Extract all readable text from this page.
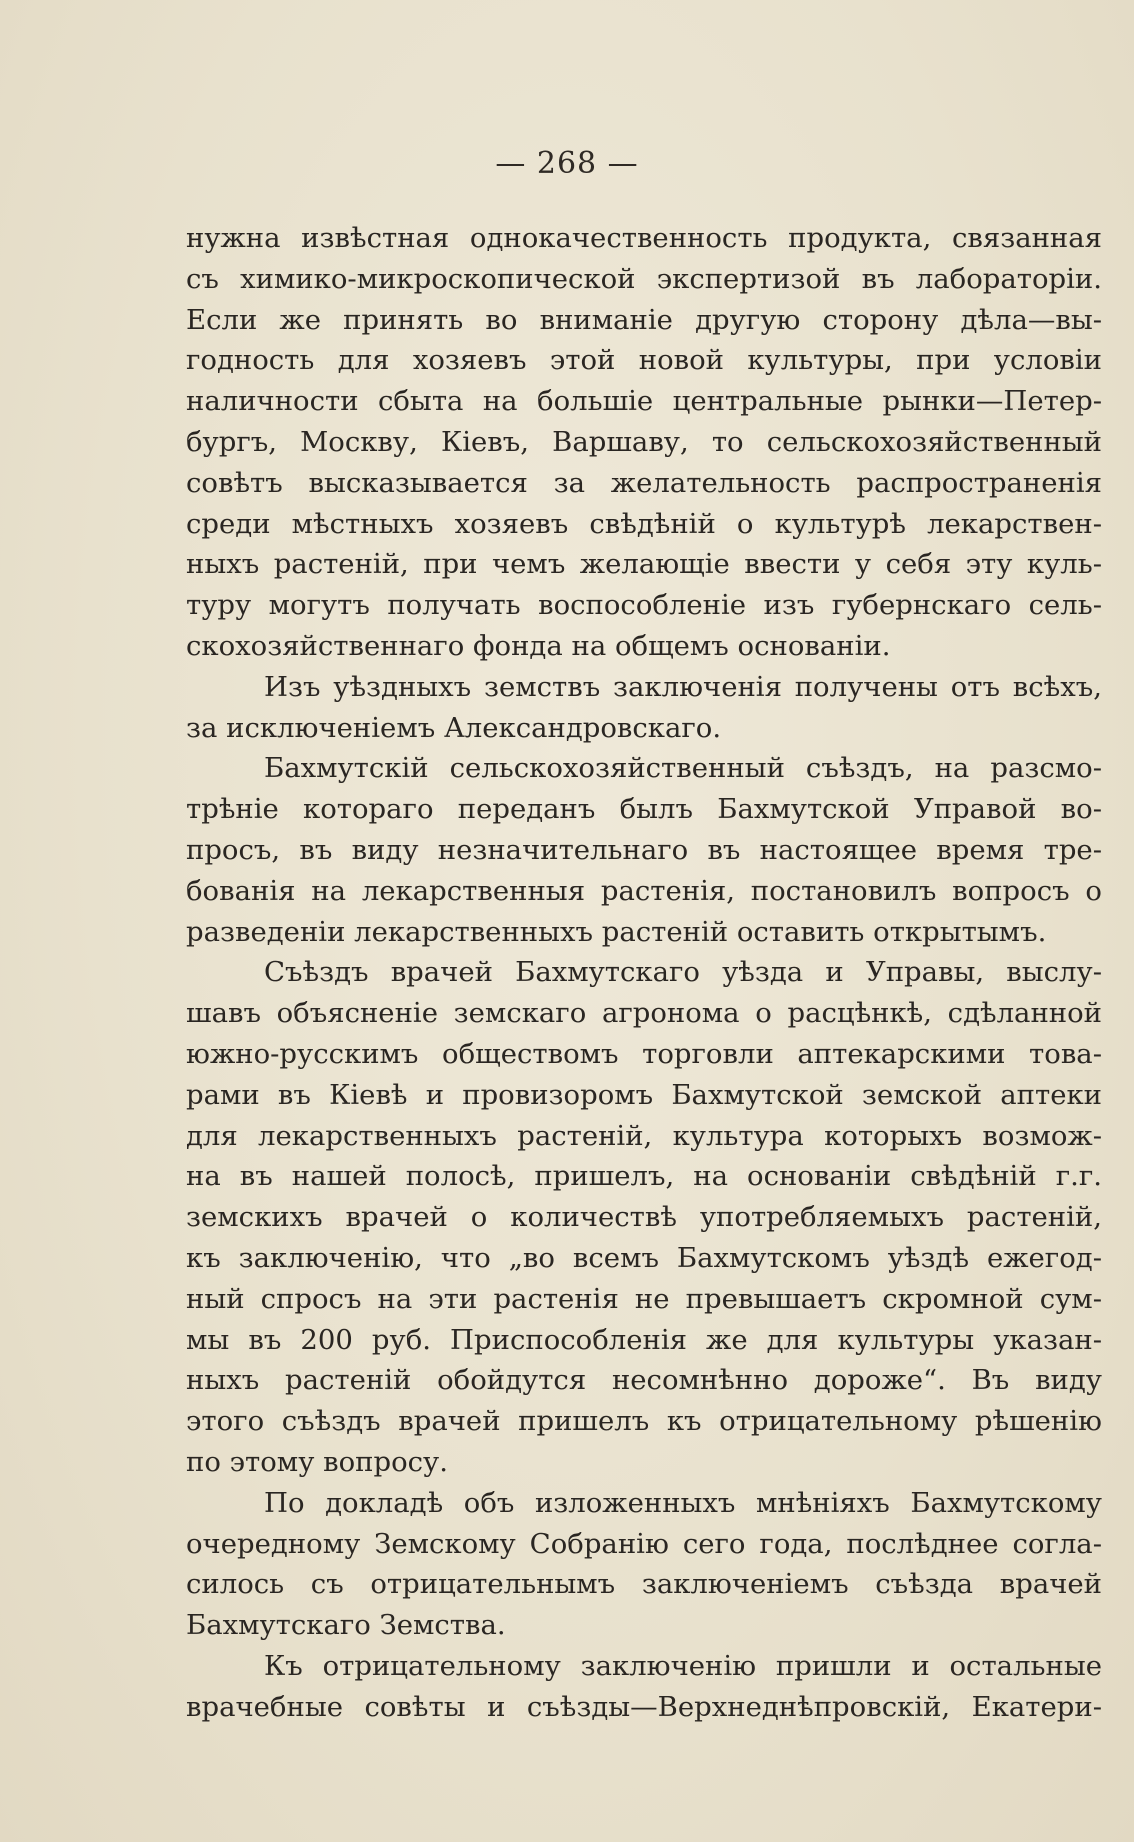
— 268 —
нужна извѣстная однокачественность продукта, связанная
съ химико-микроскопической экспертизой въ лабораторіи.
Если же принять во вниманіе другую сторону дѣла—вы-
годность для хозяевъ этой новой культуры, при условіи
наличности сбыта на большіе центральные рынки—Петер-
бургъ, Москву, Кіевъ, Варшаву, то сельскохозяйственный
совѣтъ высказывается за желательность распространенія
среди мѣстныхъ хозяевъ свѣдѣній о культурѣ лекарствен-
ныхъ растеній, при чемъ желающіе ввести у себя эту куль-
туру могутъ получать воспособленіе изъ губернскаго сель-
скохозяйственнаго фонда на общемъ основаніи.
Изъ уѣздныхъ земствъ заключенія получены отъ всѣхъ,
за исключеніемъ Александровскаго.
Бахмутскій сельскохозяйственный съѣздъ, на разсмо-
трѣніе котораго переданъ былъ Бахмутской Управой во-
просъ, въ виду незначительнаго въ настоящее время тре-
бованія на лекарственныя растенія, постановилъ вопросъ о
разведеніи лекарственныхъ растеній оставить открытымъ.
Съѣздъ врачей Бахмутскаго уѣзда и Управы, выслу-
шавъ объясненіе земскаго агронома о расцѣнкѣ, сдѣланной
южно-русскимъ обществомъ торговли аптекарскими това-
рами въ Кіевѣ и провизоромъ Бахмутской земской аптеки
для лекарственныхъ растеній, культура которыхъ возмож-
на въ нашей полосѣ, пришелъ, на основаніи свѣдѣній г.г.
земскихъ врачей о количествѣ употребляемыхъ растеній,
къ заключенію, что „во всемъ Бахмутскомъ уѣздѣ ежегод-
ный спросъ на эти растенія не превышаетъ скромной сум-
мы въ 200 руб. Приспособленія же для культуры указан-
ныхъ растеній обойдутся несомнѣнно дороже“. Въ виду
этого съѣздъ врачей пришелъ къ отрицательному рѣшенію
по этому вопросу.
По докладѣ объ изложенныхъ мнѣніяхъ Бахмутскому
очередному Земскому Собранію сего года, послѣднее согла-
силось съ отрицательнымъ заключеніемъ съѣзда врачей
Бахмутскаго Земства.
Къ отрицательному заключенію пришли и остальные
врачебные совѣты и съѣзды—Верхнеднѣпровскій, Екатери-
